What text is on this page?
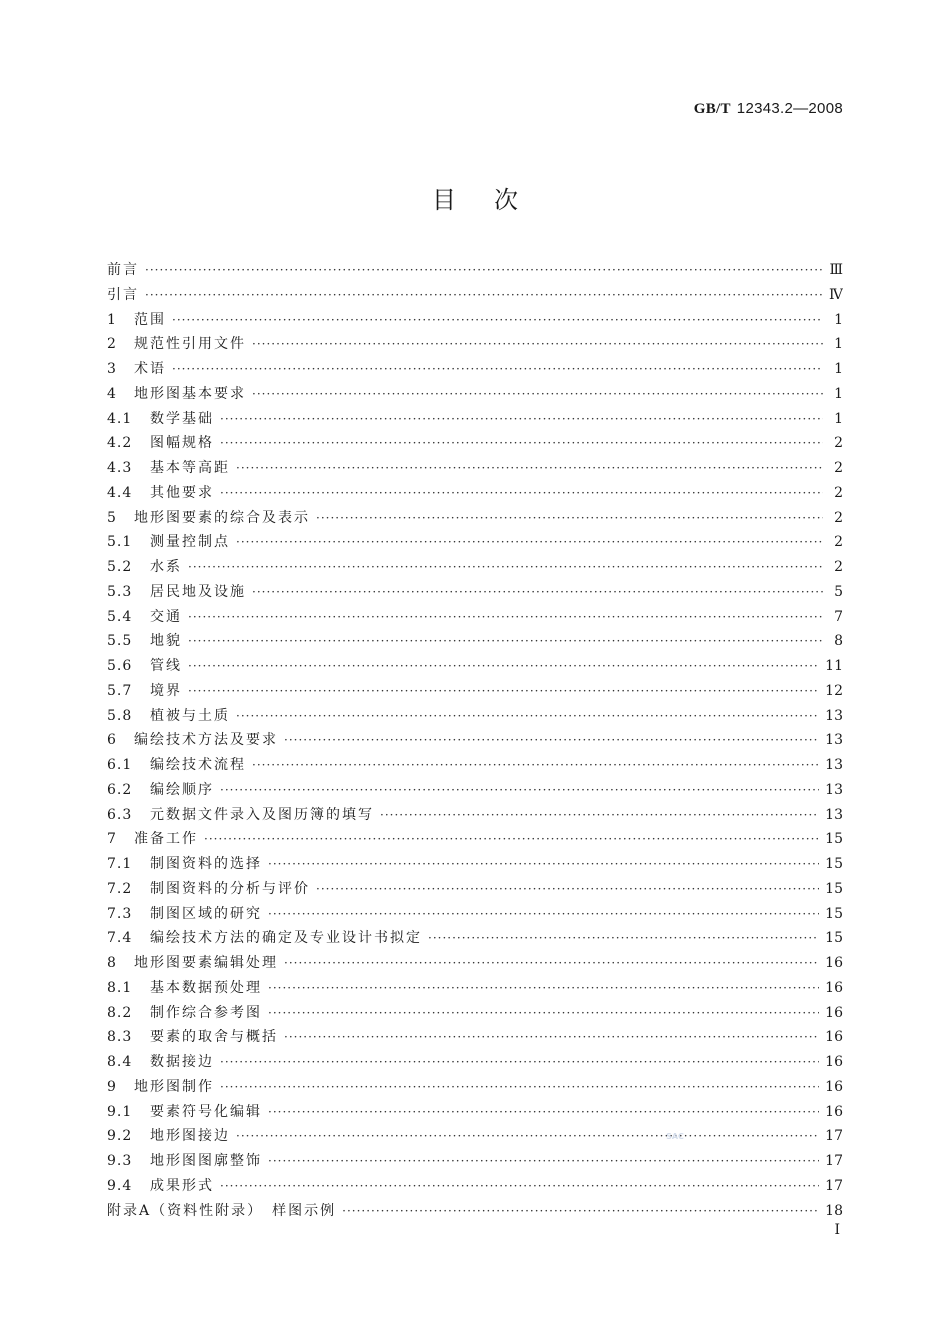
GB/T 12343.2—2008
目次
前言 ·····	Ⅲ
引言 ·····	Ⅳ
1	范围 ·····	1
2	规范性引用文件 ·····	1
3	术语 ·····	1
4	地形图基本要求 ·····	1
4.1	数学基础 ·····	1
4.2	图幅规格 ·····	2
4.3	基本等高距 ·····	2
4.4	其他要求 ·····	2
5	地形图要素的综合及表示 ·····	2
5.1	测量控制点 ·····	2
5.2	水系 ·····	2
5.3	居民地及设施 ·····	5
5.4	交通 ·····	7
5.5	地貌 ·····	8
5.6	管线 ·····	11
5.7	境界 ·····	12
5.8	植被与土质 ·····	13
6	编绘技术方法及要求 ·····	13
6.1	编绘技术流程 ·····	13
6.2	编绘顺序 ·····	13
6.3	元数据文件录入及图历簿的填写 ·····	13
7	准备工作 ·····	15
7.1	制图资料的选择 ·····	15
7.2	制图资料的分析与评价 ·····	15
7.3	制图区域的研究 ·····	15
7.4	编绘技术方法的确定及专业设计书拟定 ·····	15
8	地形图要素编辑处理 ·····	16
8.1	基本数据预处理 ·····	16
8.2	制作综合参考图 ·····	16
8.3	要素的取舍与概括 ·····	16
8.4	数据接边 ·····	16
9	地形图制作 ·····	16
9.1	要素符号化编辑 ·····	16
9.2	地形图接边 ·····	17
9.3	地形图图廓整饰 ·····	17
9.4	成果形式 ·····	17
附录A（资料性附录）　样图示例 ·····	18
SAC
I
